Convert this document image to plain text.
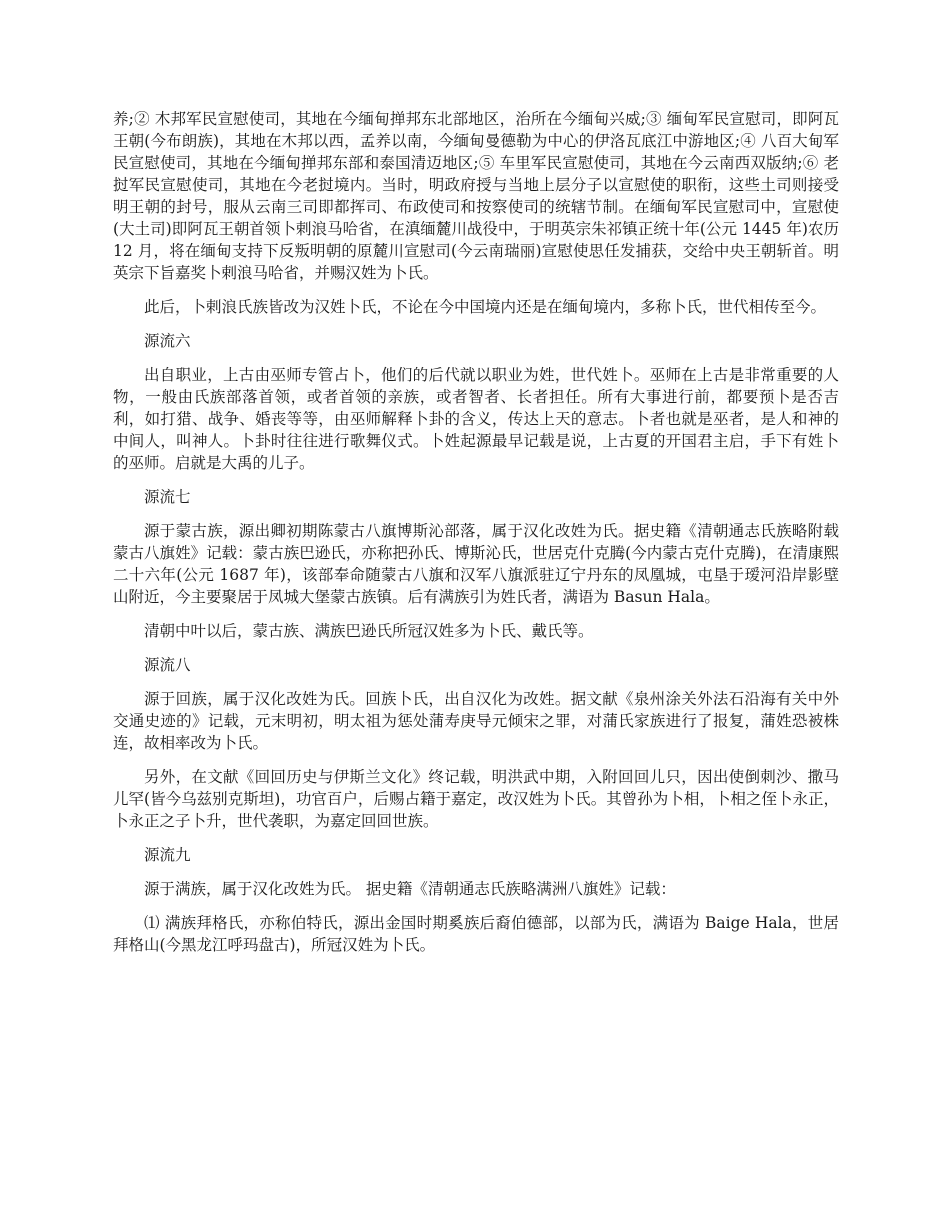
养;② 木邦军民宣慰使司，其地在今缅甸掸邦东北部地区，治所在今缅甸兴威;③ 缅甸军民宣慰司，即阿瓦王朝(今布朗族)，其地在木邦以西，孟养以南，今缅甸曼德勒为中心的伊洛瓦底江中游地区;④ 八百大甸军民宣慰使司，其地在今缅甸掸邦东部和泰国清迈地区;⑤ 车里军民宣慰使司，其地在今云南西双版纳;⑥ 老挝军民宣慰使司，其地在今老挝境内。当时，明政府授与当地上层分子以宣慰使的职衔，这些土司则接受明王朝的封号，服从云南三司即都挥司、布政使司和按察使司的统辖节制。在缅甸军民宣慰司中，宣慰使(大土司)即阿瓦王朝首领卜剌浪马哈省，在滇缅麓川战役中，于明英宗朱祁镇正统十年(公元 1445 年)农历 12 月，将在缅甸支持下反叛明朝的原麓川宣慰司(今云南瑞丽)宣慰使思任发捕获，交给中央王朝斩首。明英宗下旨嘉奖卜剌浪马哈省，并赐汉姓为卜氏。

此后，卜剌浪氏族皆改为汉姓卜氏，不论在今中国境内还是在缅甸境内，多称卜氏，世代相传至今。

源流六

出自职业，上古由巫师专管占卜，他们的后代就以职业为姓，世代姓卜。巫师在上古是非常重要的人物，一般由氏族部落首领，或者首领的亲族，或者智者、长者担任。所有大事进行前，都要预卜是否吉利，如打猎、战争、婚丧等等，由巫师解释卜卦的含义，传达上天的意志。卜者也就是巫者，是人和神的中间人，叫神人。卜卦时往往进行歌舞仪式。卜姓起源最早记载是说，上古夏的开国君主启，手下有姓卜的巫师。启就是大禹的儿子。

源流七

源于蒙古族，源出卿初期陈蒙古八旗博斯沁部落，属于汉化改姓为氏。据史籍《清朝通志氏族略附载蒙古八旗姓》记载：蒙古族巴逊氏，亦称把孙氏、博斯沁氏，世居克什克腾(今内蒙古克什克腾)，在清康熙二十六年(公元 1687 年)，该部奉命随蒙古八旗和汉军八旗派驻辽宁丹东的凤凰城，屯垦于瑷河沿岸影壁山附近，今主要聚居于凤城大堡蒙古族镇。后有满族引为姓氏者，满语为 Basun Hala。

清朝中叶以后，蒙古族、满族巴逊氏所冠汉姓多为卜氏、戴氏等。

源流八

源于回族，属于汉化改姓为氏。回族卜氏，出自汉化为改姓。据文献《泉州涂关外法石沿海有关中外交通史迹的》记载，元末明初，明太祖为惩处蒲寿庚导元倾宋之罪，对蒲氏家族进行了报复，蒲姓恐被株连，故相率改为卜氏。

另外，在文献《回回历史与伊斯兰文化》终记载，明洪武中期，入附回回儿只，因出使倒刺沙、撒马儿罕(皆今乌兹别克斯坦)，功官百户，后赐占籍于嘉定，改汉姓为卜氏。其曾孙为卜相，卜相之侄卜永正，卜永正之子卜升，世代袭职，为嘉定回回世族。

源流九

源于满族，属于汉化改姓为氏。 据史籍《清朝通志氏族略满洲八旗姓》记载：

⑴ 满族拜格氏，亦称伯特氏，源出金国时期奚族后裔伯德部，以部为氏，满语为 Baige Hala，世居拜格山(今黑龙江呼玛盘古)，所冠汉姓为卜氏。
